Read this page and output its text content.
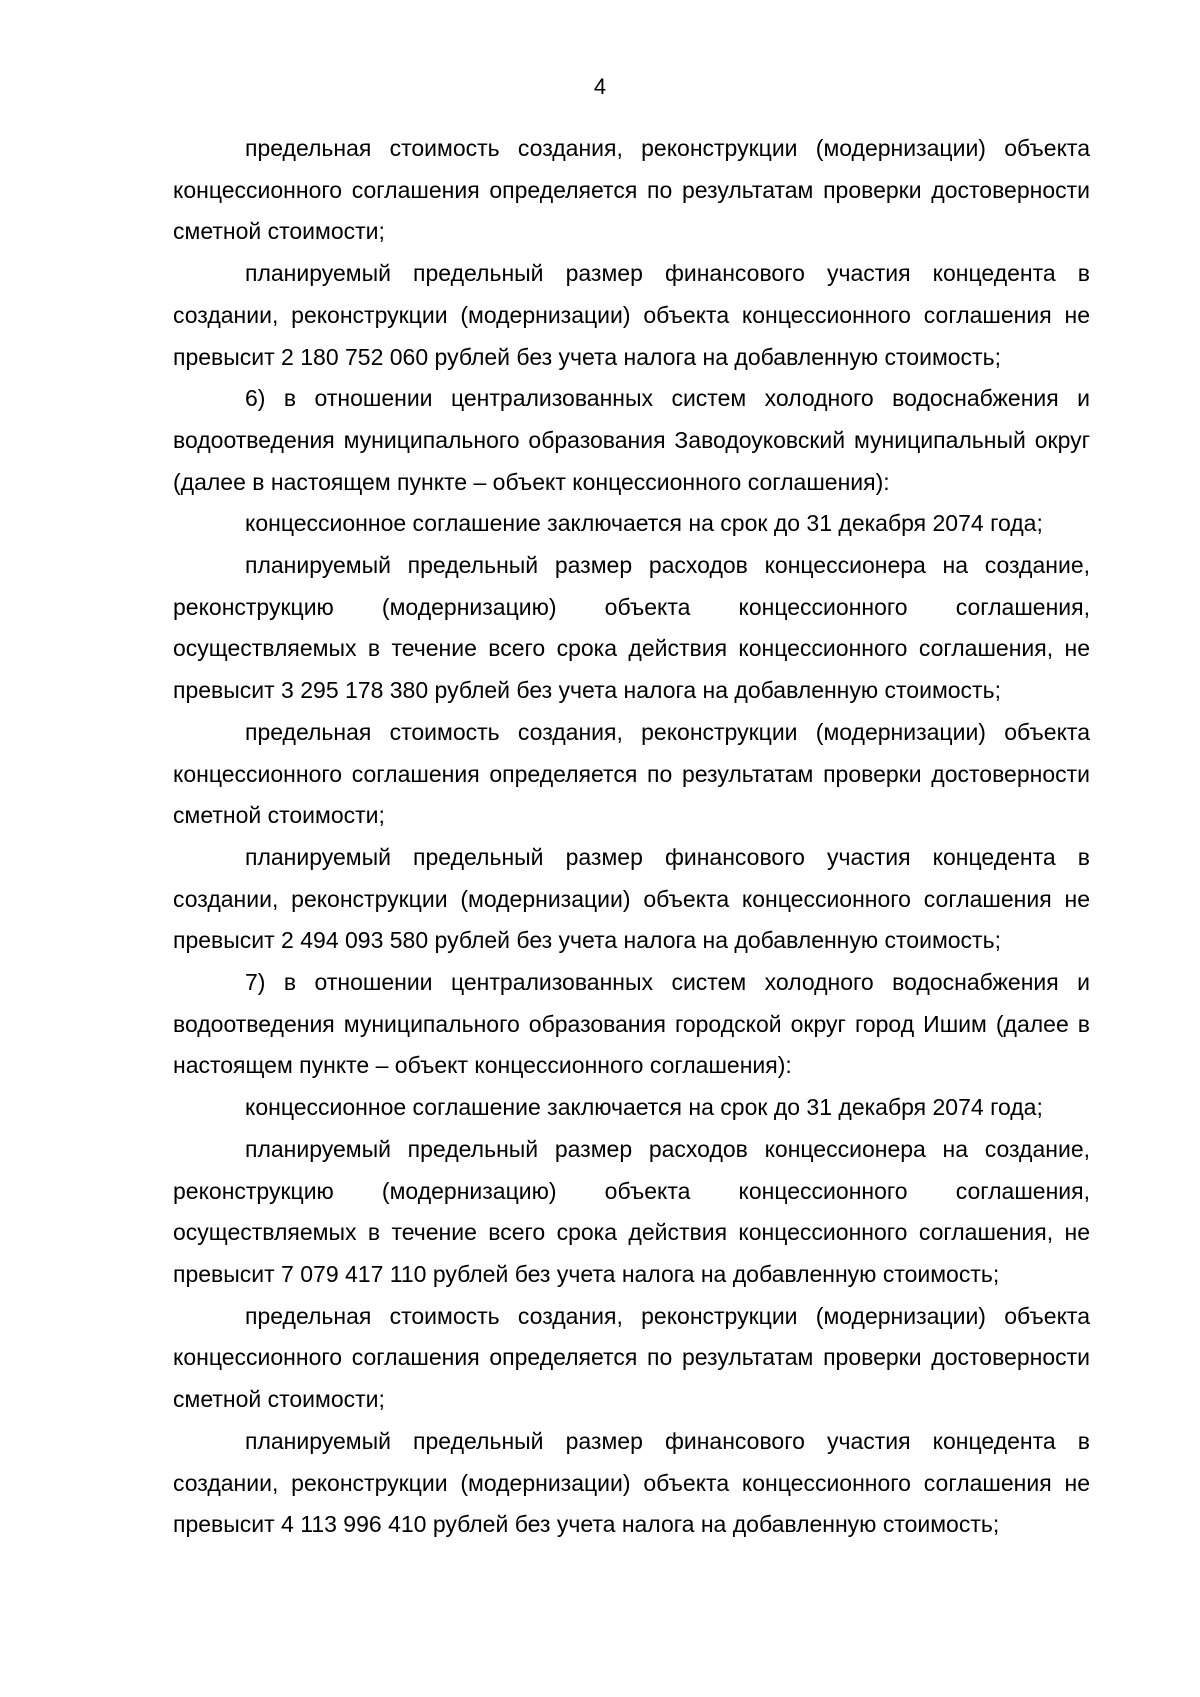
4

предельная стоимость создания, реконструкции (модернизации) объекта концессионного соглашения определяется по результатам проверки достоверности сметной стоимости;

планируемый предельный размер финансового участия концедента в создании, реконструкции (модернизации) объекта концессионного соглашения не превысит 2 180 752 060 рублей без учета налога на добавленную стоимость;

6) в отношении централизованных систем холодного водоснабжения и водоотведения муниципального образования Заводоуковский муниципальный округ (далее в настоящем пункте – объект концессионного соглашения):

концессионное соглашение заключается на срок до 31 декабря 2074 года;

планируемый предельный размер расходов концессионера на создание, реконструкцию (модернизацию) объекта концессионного соглашения, осуществляемых в течение всего срока действия концессионного соглашения, не превысит 3 295 178 380 рублей без учета налога на добавленную стоимость;

предельная стоимость создания, реконструкции (модернизации) объекта концессионного соглашения определяется по результатам проверки достоверности сметной стоимости;

планируемый предельный размер финансового участия концедента в создании, реконструкции (модернизации) объекта концессионного соглашения не превысит 2 494 093 580 рублей без учета налога на добавленную стоимость;

7) в отношении централизованных систем холодного водоснабжения и водоотведения муниципального образования городской округ город Ишим (далее в настоящем пункте – объект концессионного соглашения):

концессионное соглашение заключается на срок до 31 декабря 2074 года;

планируемый предельный размер расходов концессионера на создание, реконструкцию (модернизацию) объекта концессионного соглашения, осуществляемых в течение всего срока действия концессионного соглашения, не превысит 7 079 417 110 рублей без учета налога на добавленную стоимость;

предельная стоимость создания, реконструкции (модернизации) объекта концессионного соглашения определяется по результатам проверки достоверности сметной стоимости;

планируемый предельный размер финансового участия концедента в создании, реконструкции (модернизации) объекта концессионного соглашения не превысит 4 113 996 410 рублей без учета налога на добавленную стоимость;
